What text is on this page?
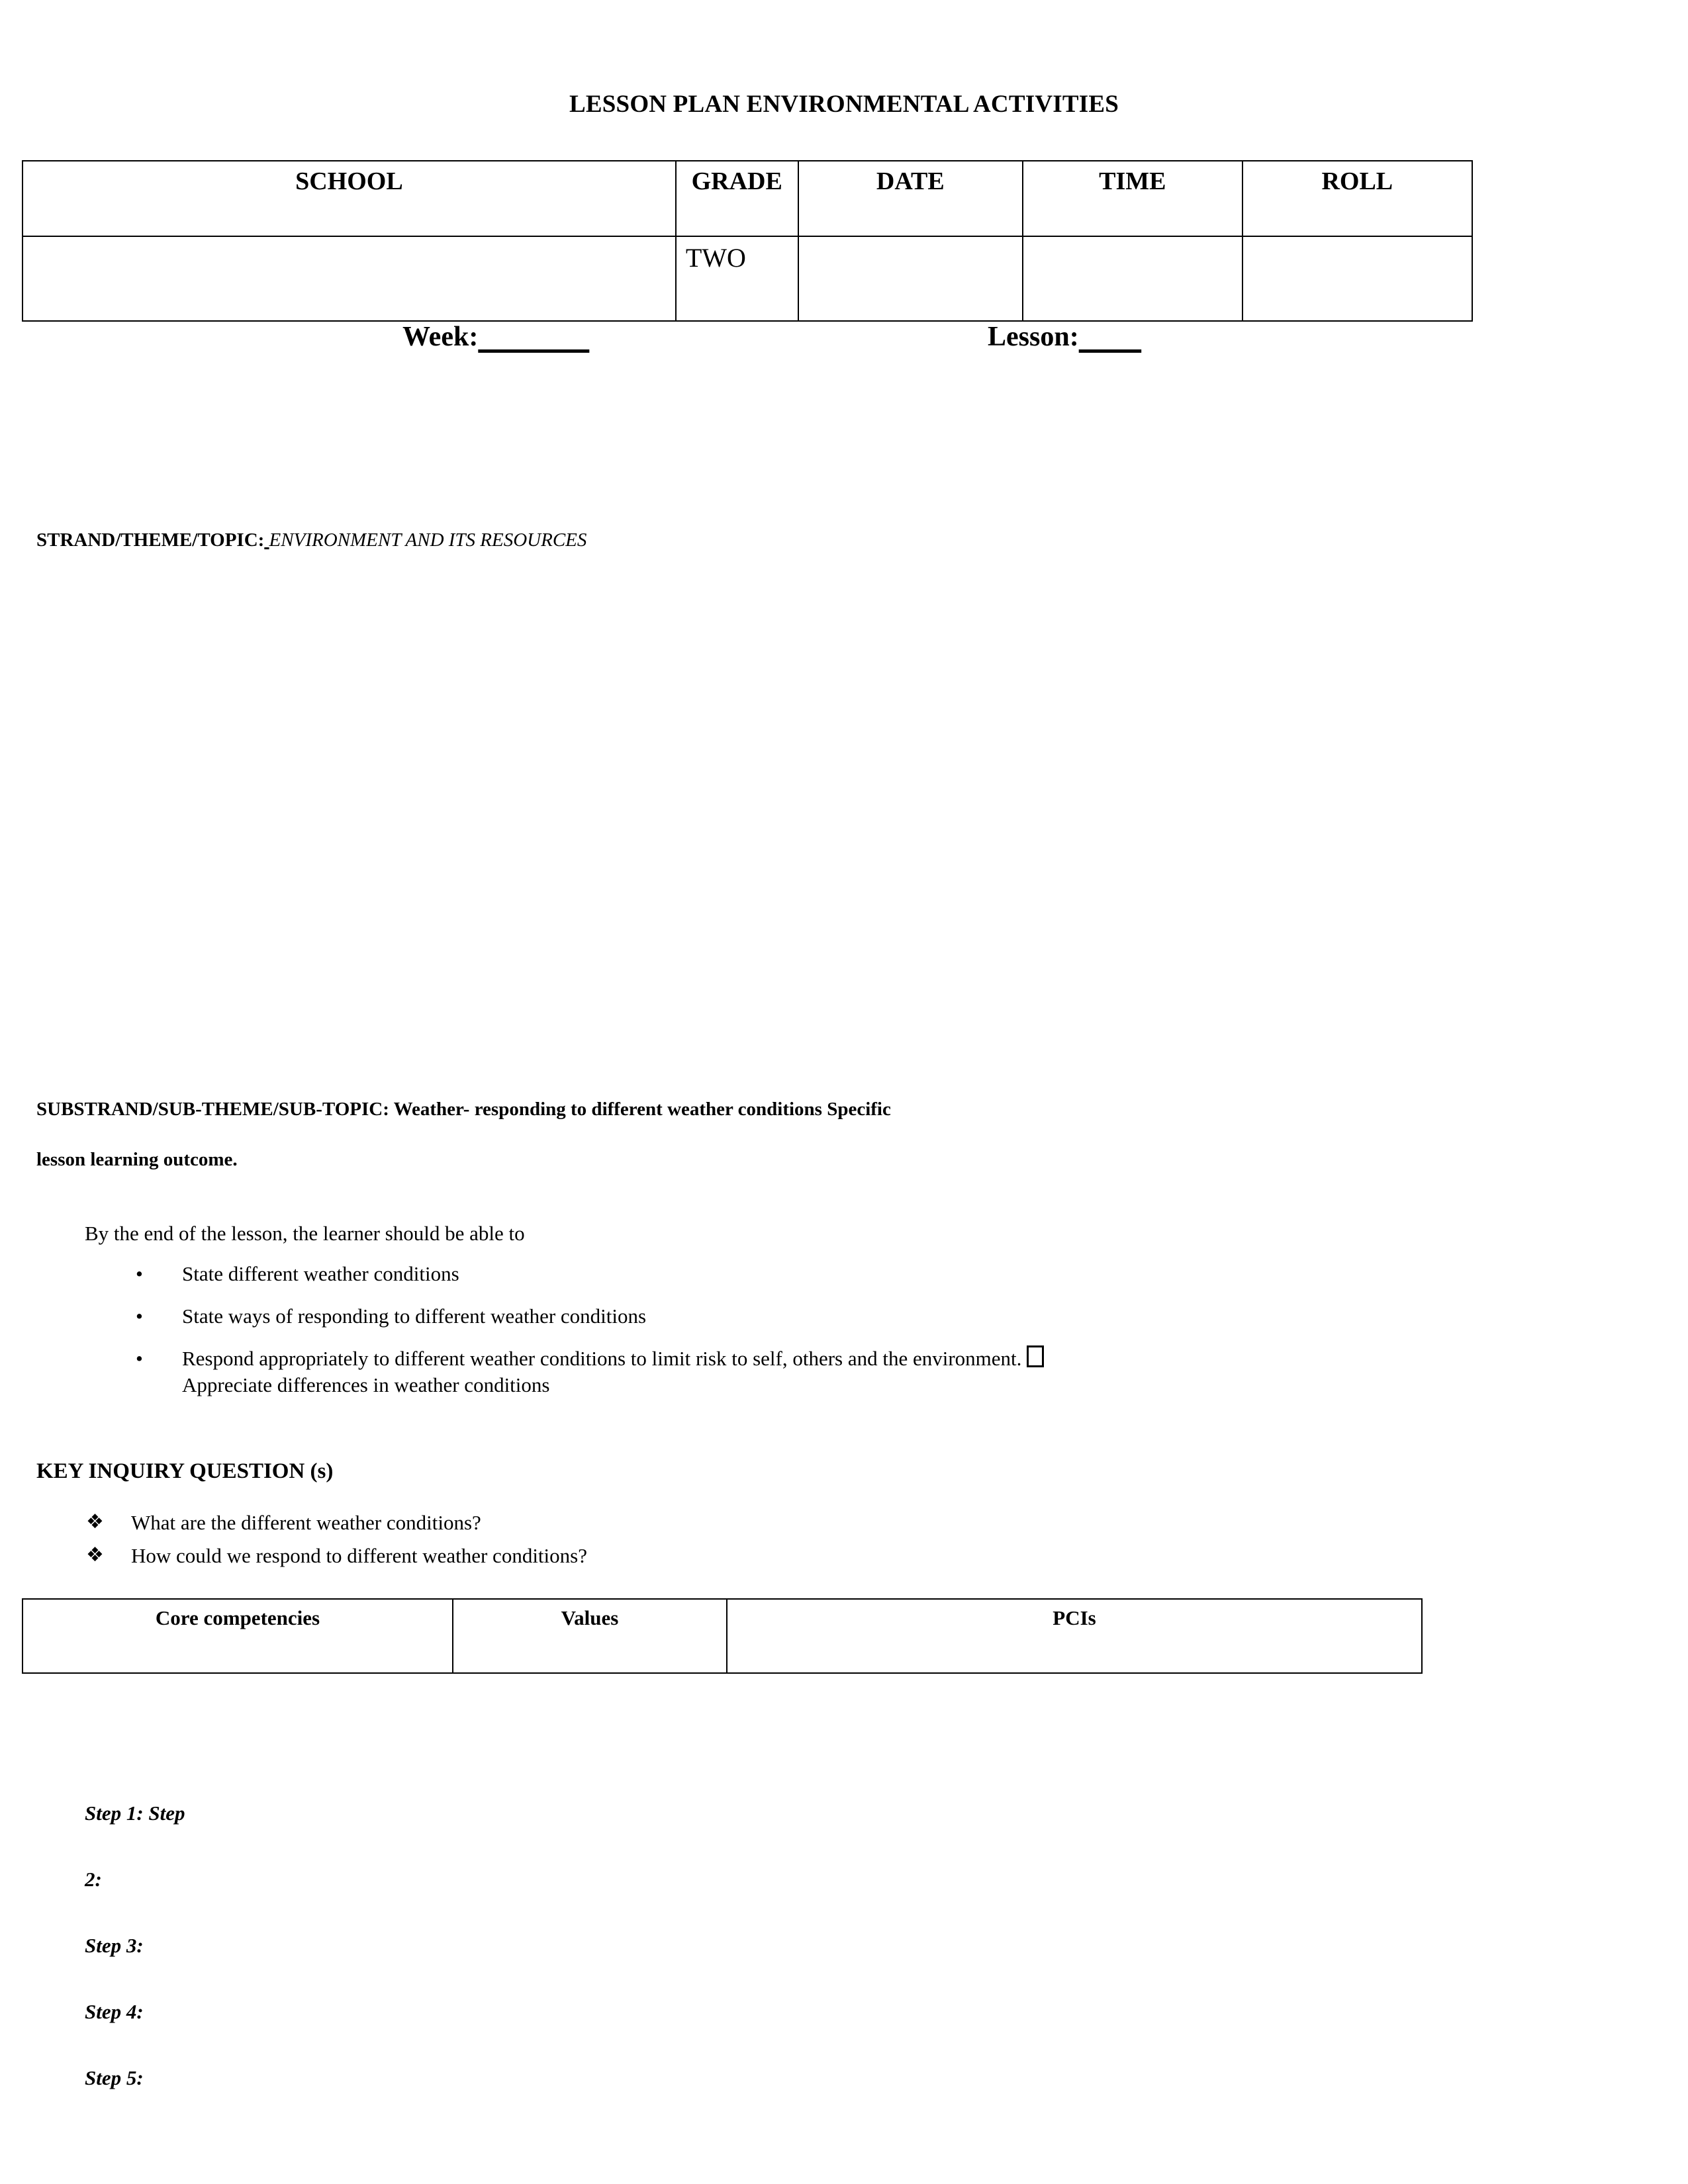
LESSON PLAN ENVIRONMENTAL ACTIVITIES
SCHOOL	GRADE	DATE	TIME	ROLL
	TWO			
Week:	Lesson:
STRAND/THEME/TOPIC: ENVIRONMENT AND ITS RESOURCES
SUBSTRAND/SUB-THEME/SUB-TOPIC: Weather- responding to different weather conditions Specific
lesson learning outcome.
By the end of the lesson, the learner should be able to
• State different weather conditions
• State ways of responding to different weather conditions
• Respond appropriately to different weather conditions to limit risk to self, others and the environment.
Appreciate differences in weather conditions
KEY INQUIRY QUESTION (s)
❖ What are the different weather conditions?
❖ How could we respond to different weather conditions?
Core competencies	Values	PCIs
Step 1: Step
2:
Step 3:
Step 4:
Step 5:
